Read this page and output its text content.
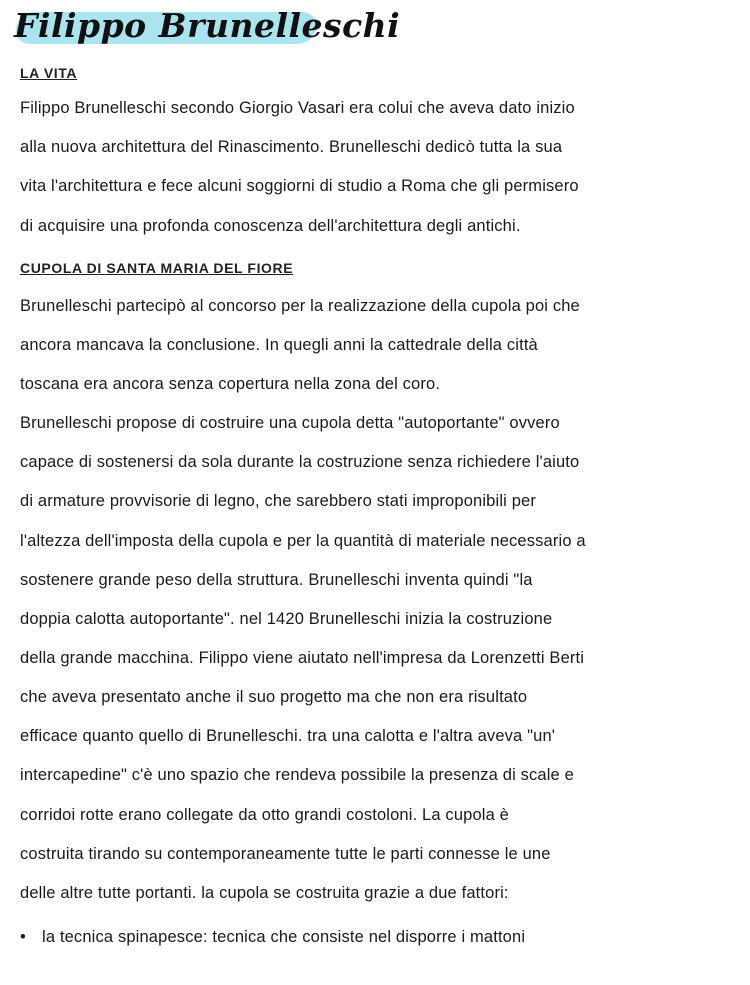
Filippo Brunelleschi
LA VITA
Filippo Brunelleschi secondo Giorgio Vasari era colui che aveva dato inizio
alla nuova architettura del Rinascimento. Brunelleschi dedicò tutta la sua
vita l'architettura e fece alcuni soggiorni di studio a Roma che gli permisero
di acquisire una profonda conoscenza dell'architettura degli antichi.
CUPOLA DI SANTA MARIA DEL FIORE
Brunelleschi partecipò al concorso per la realizzazione della cupola poi che
ancora mancava la conclusione. In quegli anni la cattedrale della città
toscana era ancora senza copertura nella zona del coro.
Brunelleschi propose di costruire una cupola detta "autoportante" ovvero
capace di sostenersi da sola durante la costruzione senza richiedere l'aiuto
di armature provvisorie di legno, che sarebbero stati improponibili per
l'altezza dell'imposta della cupola e per la quantità di materiale necessario a
sostenere grande peso della struttura. Brunelleschi inventa quindi "la
doppia calotta autoportante". nel 1420 Brunelleschi inizia la costruzione
della grande macchina. Filippo viene aiutato nell'impresa da Lorenzetti Berti
che aveva presentato anche il suo progetto ma che non era risultato
efficace quanto quello di Brunelleschi. tra una calotta e l'altra aveva "un'
intercapedine" c'è uno spazio che rendeva possibile la presenza di scale e
corridoi rotte erano collegate da otto grandi costoloni. La cupola è
costruita tirando su contemporaneamente tutte le parti connesse le une
delle altre tutte portanti. la cupola se costruita grazie a due fattori:
• la tecnica spinapesce: tecnica che consiste nel disporre i mattoni
